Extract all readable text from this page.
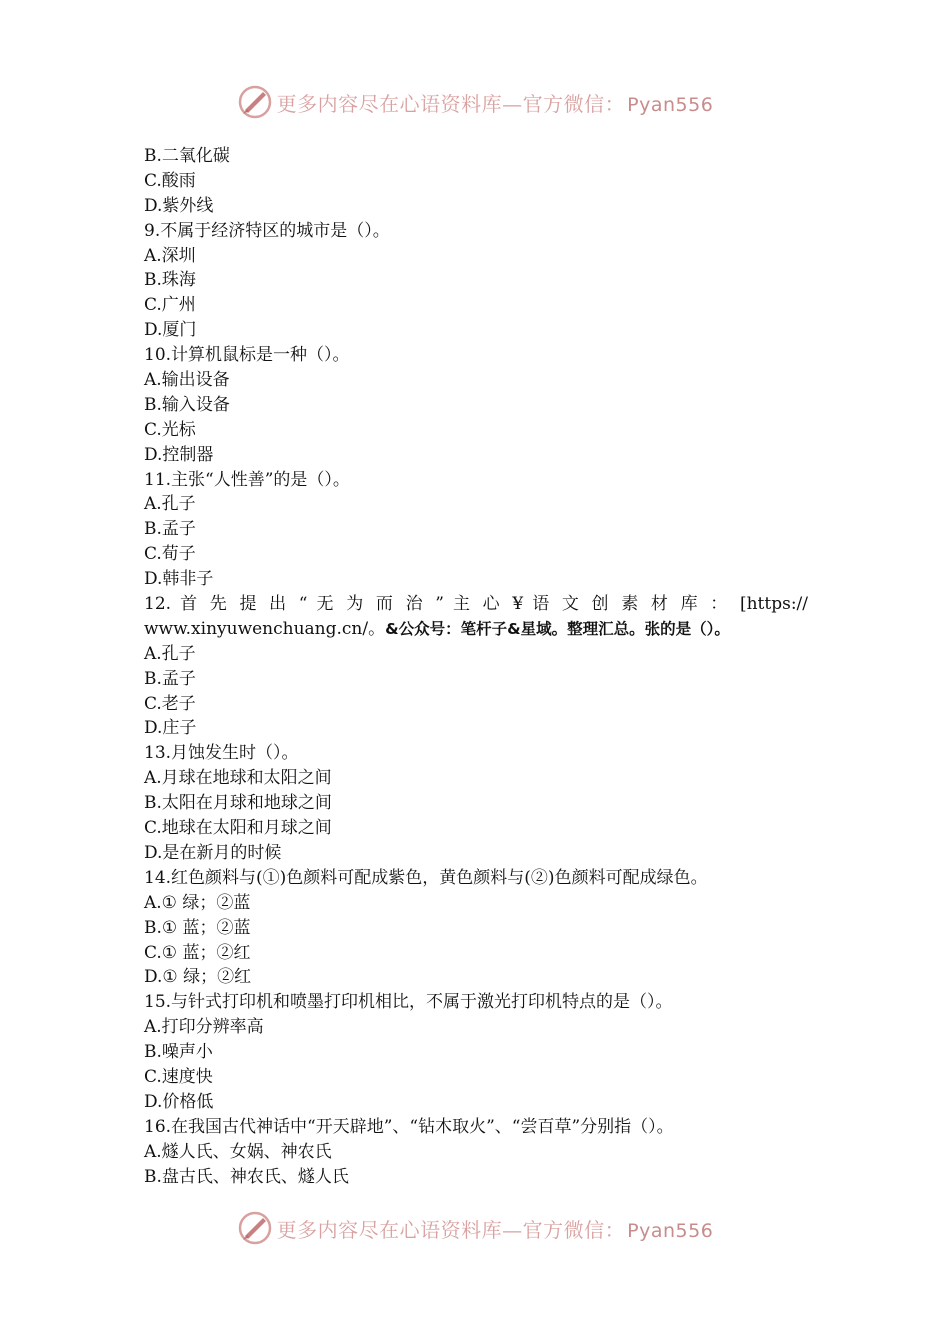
更多内容尽在心语资料库—官方微信： Pyan556
B.二氧化碳
C.酸雨
D.紫外线
9.不属于经济特区的城市是（）。
A.深圳
B.珠海
C.广州
D.厦门
10.计算机鼠标是一种（）。
A.输出设备
B.输入设备
C.光标
D.控制器
11.主张“人性善”的是（）。
A.孔子
B.孟子
C.荀子
D.韩非子
12. 首 先 提 出 “ 无 为 而 治 ” 主 心 ¥ 语 文 创 素 材 库 ： [https://
www.xinyuwenchuang.cn/。&公众号：笔杆子&星域。整理汇总。张的是（）。
A.孔子
B.孟子
C.老子
D.庄子
13.月蚀发生时（）。
A.月球在地球和太阳之间
B.太阳在月球和地球之间
C.地球在太阳和月球之间
D.是在新月的时候
14.红色颜料与(①)色颜料可配成紫色，黄色颜料与(②)色颜料可配成绿色。
A.① 绿；②蓝
B.① 蓝；②蓝
C.① 蓝；②红
D.① 绿；②红
15.与针式打印机和喷墨打印机相比，不属于激光打印机特点的是（）。
A.打印分辨率高
B.噪声小
C.速度快
D.价格低
16.在我国古代神话中“开天辟地”、“钻木取火”、“尝百草”分别指（）。
A.燧人氏、女娲、神农氏
B.盘古氏、神农氏、燧人氏
更多内容尽在心语资料库—官方微信： Pyan556
